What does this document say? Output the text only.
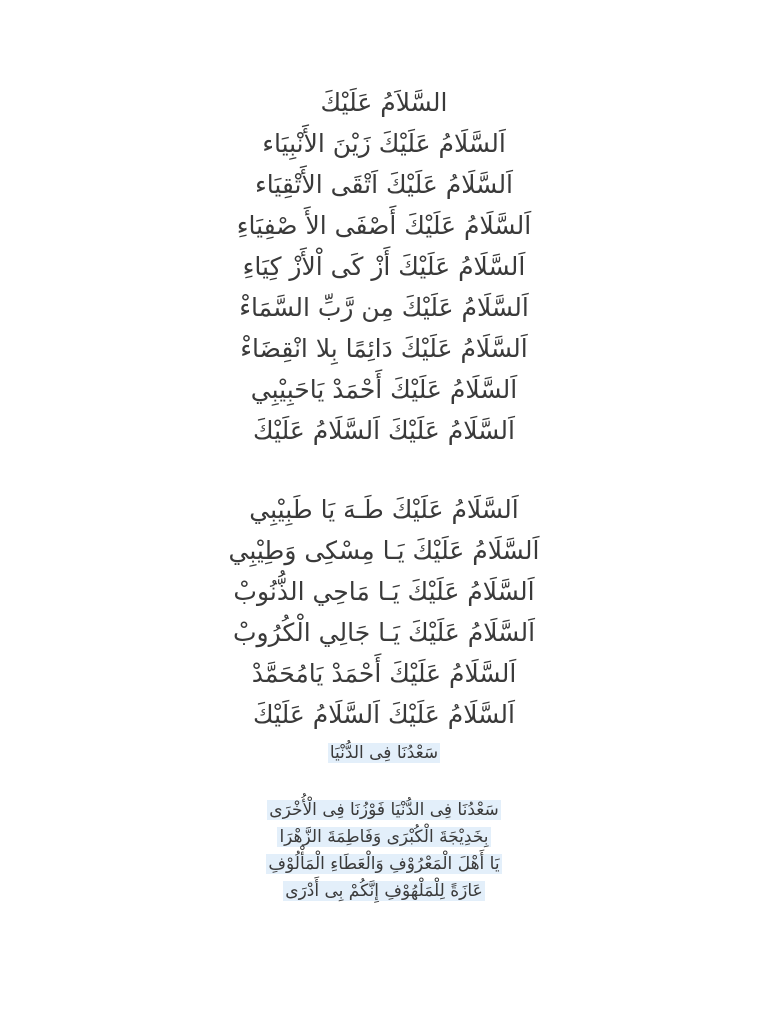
السَّلاَمُ عَلَيْكَ
اَلسَّلَامُ عَلَيْكَ زَيْنَ الأَنْبِيَاء
اَلسَّلَامُ عَلَيْكَ اَتْقَى الأَتْقِيَاء
اَلسَّلَامُ عَلَيْكَ أَصْفَى الأَ صْفِيَاءِ
اَلسَّلَامُ عَلَيْكَ أَزْ كَى اْلأَزْ كِيَاءِ
اَلسَّلَامُ عَلَيْكَ مِن رَّبِّ السَّمَاءْ
اَلسَّلَامُ عَلَيْكَ دَائِمًا بِلا انْقِضَاءْ
اَلسَّلَامُ عَلَيْكَ أَحْمَدْ يَاحَبِيْبِي
اَلسَّلَامُ عَلَيْكَ اَلسَّلَامُ عَلَيْكَ
اَلسَّلَامُ عَلَيْكَ طَـهَ يَا طَبِيْبِي
اَلسَّلَامُ عَلَيْكَ يَـا مِسْكِى وَطِيْبِي
اَلسَّلَامُ عَلَيْكَ يَـا مَاحِي الذُّنُوبْ
اَلسَّلَامُ عَلَيْكَ يَـا جَالِي الْكُرُوبْ
اَلسَّلَامُ عَلَيْكَ أَحْمَدْ يَامُحَمَّدْ
اَلسَّلَامُ عَلَيْكَ اَلسَّلَامُ عَلَيْكَ
سَعْدُنَا فِى الدُّنْيَا
سَعْدُنَا فِى الدُّنْيَا فَوْزُنَا فِى الْأُخْرَى
بِخَدِيْجَةَ الْكُبْرَى وَفَاطِمَةَ الزَّهْرَا
يَا أَهْلَ الْمَعْرُوْفِ وَالْعَطَاءِ الْمَأْلُوْفِ
عَازَةً لِلْمَلْهُوْفِ إِنَّكُمْ بِى أَدْرَى
